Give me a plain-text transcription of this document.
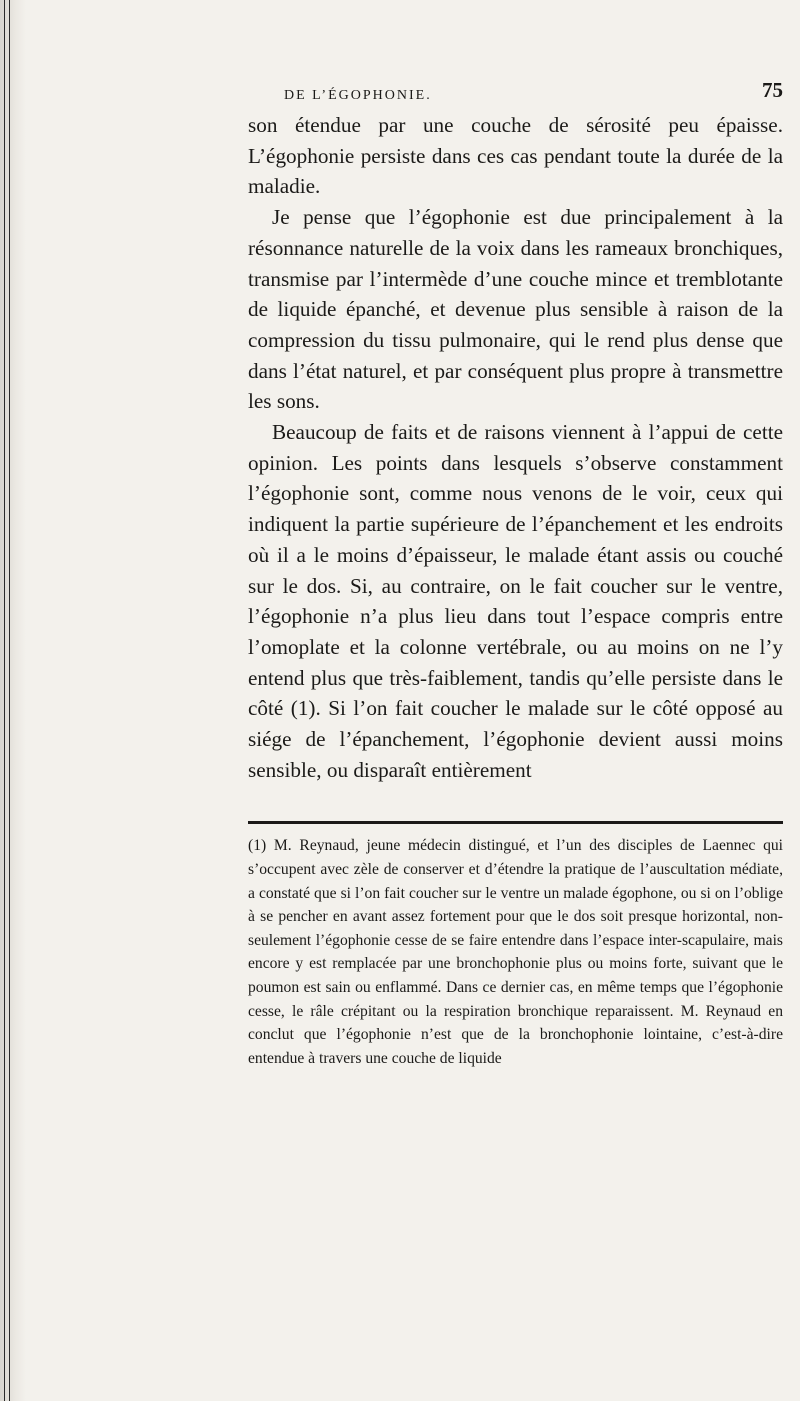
DE L’ÉGOPHONIE.	75

son étendue par une couche de sérosité peu épaisse. L’égophonie persiste dans ces cas pendant toute la durée de la maladie.

Je pense que l’égophonie est due principalement à la résonnance naturelle de la voix dans les rameaux bronchiques, transmise par l’intermède d’une couche mince et tremblotante de liquide épanché, et devenue plus sensible à raison de la compression du tissu pulmonaire, qui le rend plus dense que dans l’état naturel, et par conséquent plus propre à transmettre les sons.

Beaucoup de faits et de raisons viennent à l’appui de cette opinion. Les points dans lesquels s’observe constamment l’égophonie sont, comme nous venons de le voir, ceux qui indiquent la partie supérieure de l’épanchement et les endroits où il a le moins d’épaisseur, le malade étant assis ou couché sur le dos. Si, au contraire, on le fait coucher sur le ventre, l’égophonie n’a plus lieu dans tout l’espace compris entre l’omoplate et la colonne vertébrale, ou au moins on ne l’y entend plus que très-faiblement, tandis qu’elle persiste dans le côté (1). Si l’on fait coucher le malade sur le côté opposé au siége de l’épanchement, l’égophonie devient aussi moins sensible, ou disparaît entièrement

(1) M. Reynaud, jeune médecin distingué, et l’un des disciples de Laennec qui s’occupent avec zèle de conserver et d’étendre la pratique de l’auscultation médiate, a constaté que si l’on fait coucher sur le ventre un malade égophone, ou si on l’oblige à se pencher en avant assez fortement pour que le dos soit presque horizontal, non-seulement l’égophonie cesse de se faire entendre dans l’espace inter-scapulaire, mais encore y est remplacée par une bronchophonie plus ou moins forte, suivant que le poumon est sain ou enflammé. Dans ce dernier cas, en même temps que l’égophonie cesse, le râle crépitant ou la respiration bronchique reparaissent. M. Reynaud en conclut que l’égophonie n’est que de la bronchophonie lointaine, c’est-à-dire entendue à travers une couche de liquide
